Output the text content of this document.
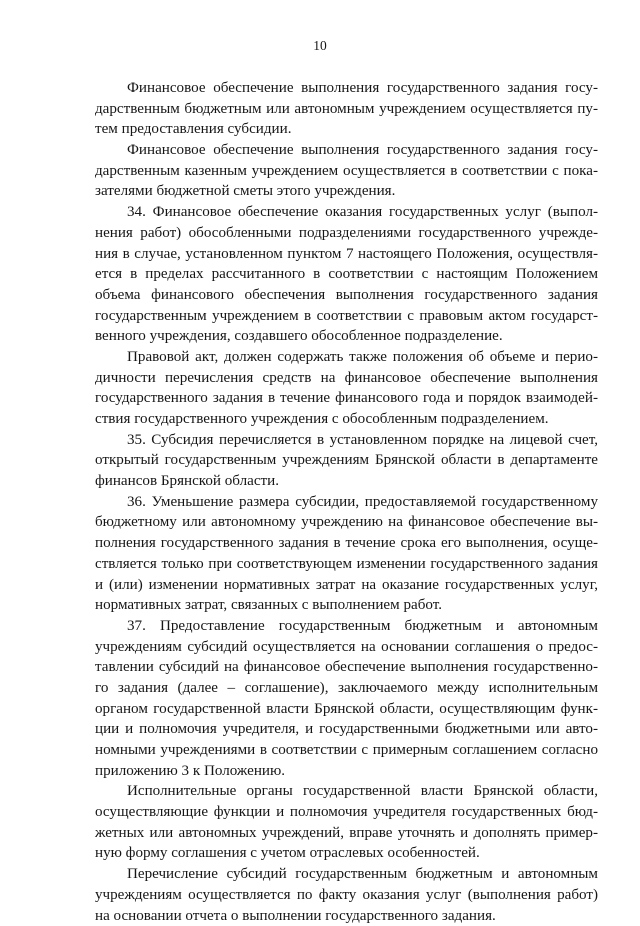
10
Финансовое обеспечение выполнения государственного задания госу-
дарственным бюджетным или автономным учреждением осуществляется пу-
тем предоставления субсидии.
Финансовое обеспечение выполнения государственного задания госу-
дарственным казенным учреждением осуществляется в соответствии с пока-
зателями бюджетной сметы этого учреждения.
34. Финансовое обеспечение оказания государственных услуг (выпол-
нения работ) обособленными подразделениями государственного учрежде-
ния в случае, установленном пунктом 7 настоящего Положения, осуществля-
ется в пределах рассчитанного в соответствии с настоящим Положением
объема финансового обеспечения выполнения государственного задания
государственным учреждением в соответствии с правовым актом государст-
венного учреждения, создавшего обособленное подразделение.
Правовой акт, должен содержать также положения об объеме и перио-
дичности перечисления средств на финансовое обеспечение выполнения
государственного задания в течение финансового года и порядок взаимодей-
ствия государственного учреждения с обособленным подразделением.
35. Субсидия перечисляется в установленном порядке на лицевой счет,
открытый государственным учреждениям Брянской области в департаменте
финансов Брянской области.
36. Уменьшение размера субсидии, предоставляемой государственному
бюджетному или автономному учреждению на финансовое обеспечение вы-
полнения государственного задания в течение срока его выполнения, осуще-
ствляется только при соответствующем изменении государственного задания
и (или) изменении нормативных затрат на оказание государственных услуг,
нормативных затрат, связанных с выполнением работ.
37. Предоставление государственным бюджетным и автономным
учреждениям субсидий осуществляется на основании соглашения о предос-
тавлении субсидий на финансовое обеспечение выполнения государственно-
го задания (далее – соглашение), заключаемого между исполнительным
органом государственной власти Брянской области, осуществляющим функ-
ции и полномочия учредителя, и государственными бюджетными или авто-
номными учреждениями в соответствии с примерным соглашением согласно
приложению 3 к Положению.
Исполнительные органы государственной власти Брянской области,
осуществляющие функции и полномочия учредителя государственных бюд-
жетных или автономных учреждений, вправе уточнять и дополнять пример-
ную форму соглашения с учетом отраслевых особенностей.
Перечисление субсидий государственным бюджетным и автономным
учреждениям осуществляется по факту оказания услуг (выполнения работ)
на основании отчета о выполнении государственного задания.
